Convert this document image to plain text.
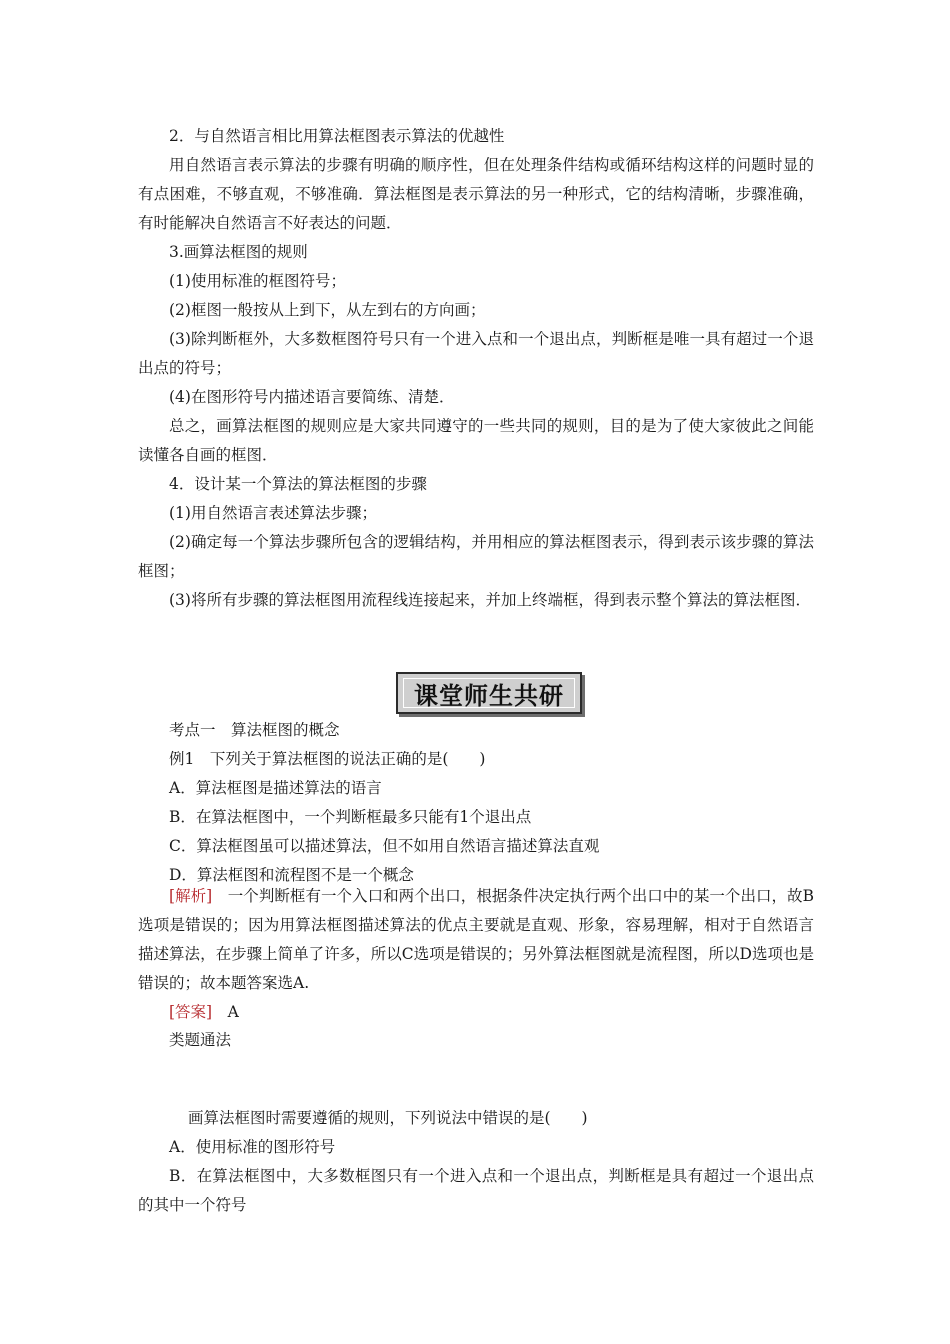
2．与自然语言相比用算法框图表示算法的优越性

用自然语言表示算法的步骤有明确的顺序性，但在处理条件结构或循环结构这样的问题时显的有点困难，不够直观，不够准确．算法框图是表示算法的另一种形式，它的结构清晰，步骤准确，有时能解决自然语言不好表达的问题．

3.画算法框图的规则

(1)使用标准的框图符号；

(2)框图一般按从上到下，从左到右的方向画；

(3)除判断框外，大多数框图符号只有一个进入点和一个退出点，判断框是唯一具有超过一个退出点的符号；

(4)在图形符号内描述语言要简练、清楚．

总之，画算法框图的规则应是大家共同遵守的一些共同的规则，目的是为了使大家彼此之间能读懂各自画的框图．

4．设计某一个算法的算法框图的步骤

(1)用自然语言表述算法步骤；

(2)确定每一个算法步骤所包含的逻辑结构，并用相应的算法框图表示，得到表示该步骤的算法框图；

(3)将所有步骤的算法框图用流程线连接起来，并加上终端框，得到表示整个算法的算法框图．

课堂师生共研

考点一　算法框图的概念

例1　下列关于算法框图的说法正确的是(　　)

A．算法框图是描述算法的语言

B．在算法框图中，一个判断框最多只能有1个退出点

C．算法框图虽可以描述算法，但不如用自然语言描述算法直观

D．算法框图和流程图不是一个概念

[解析]　一个判断框有一个入口和两个出口，根据条件决定执行两个出口中的某一个出口，故B选项是错误的；因为用算法框图描述算法的优点主要就是直观、形象，容易理解，相对于自然语言描述算法，在步骤上简单了许多，所以C选项是错误的；另外算法框图就是流程图，所以D选项也是错误的；故本题答案选A.

[答案]　A

类题通法

画算法框图时需要遵循的规则，下列说法中错误的是(　　)

A．使用标准的图形符号

B．在算法框图中，大多数框图只有一个进入点和一个退出点，判断框是具有超过一个退出点的其中一个符号
